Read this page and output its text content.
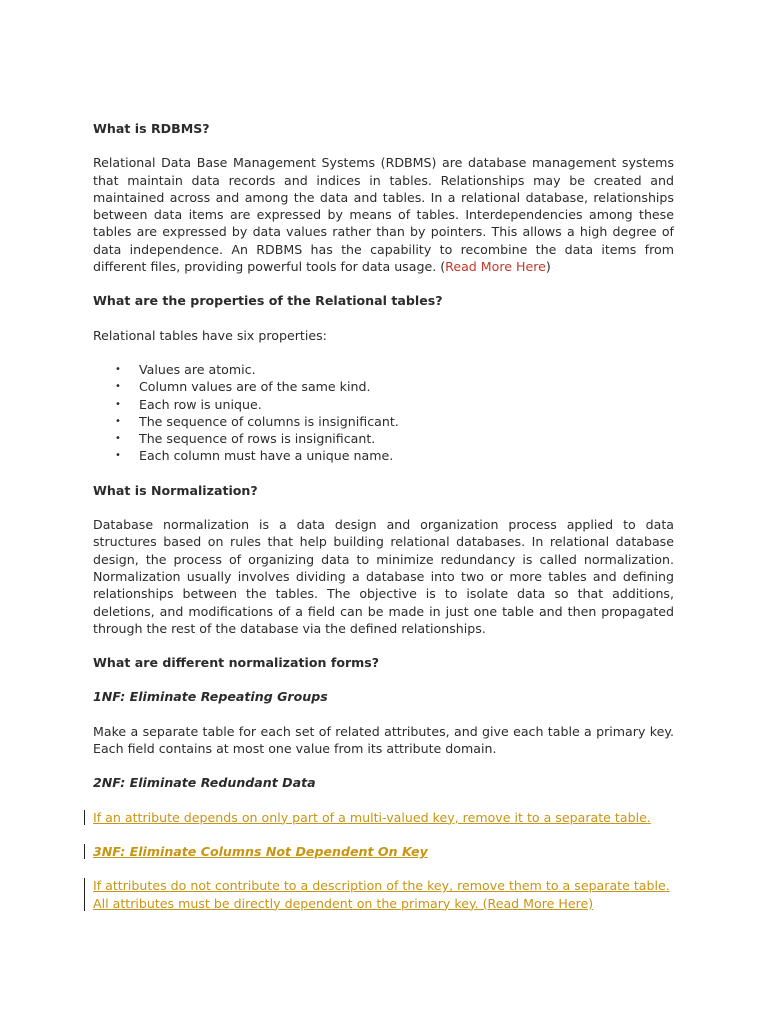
What is RDBMS?

Relational Data Base Management Systems (RDBMS) are database management systems that maintain data records and indices in tables. Relationships may be created and maintained across and among the data and tables. In a relational database, relationships between data items are expressed by means of tables. Interdependencies among these tables are expressed by data values rather than by pointers. This allows a high degree of data independence. An RDBMS has the capability to recombine the data items from different files, providing powerful tools for data usage. (Read More Here)

What are the properties of the Relational tables?

Relational tables have six properties:

• Values are atomic.
• Column values are of the same kind.
• Each row is unique.
• The sequence of columns is insignificant.
• The sequence of rows is insignificant.
• Each column must have a unique name.
What is Normalization?

Database normalization is a data design and organization process applied to data structures based on rules that help building relational databases. In relational database design, the process of organizing data to minimize redundancy is called normalization. Normalization usually involves dividing a database into two or more tables and defining relationships between the tables. The objective is to isolate data so that additions, deletions, and modifications of a field can be made in just one table and then propagated through the rest of the database via the defined relationships.

What are different normalization forms?
1NF: Eliminate Repeating Groups

Make a separate table for each set of related attributes, and give each table a primary key. Each field contains at most one value from its attribute domain.

2NF: Eliminate Redundant Data
If an attribute depends on only part of a multi-valued key, remove it to a separate table.
3NF: Eliminate Columns Not Dependent On Key
If attributes do not contribute to a description of the key, remove them to a separate table.
All attributes must be directly dependent on the primary key. (Read More Here)
